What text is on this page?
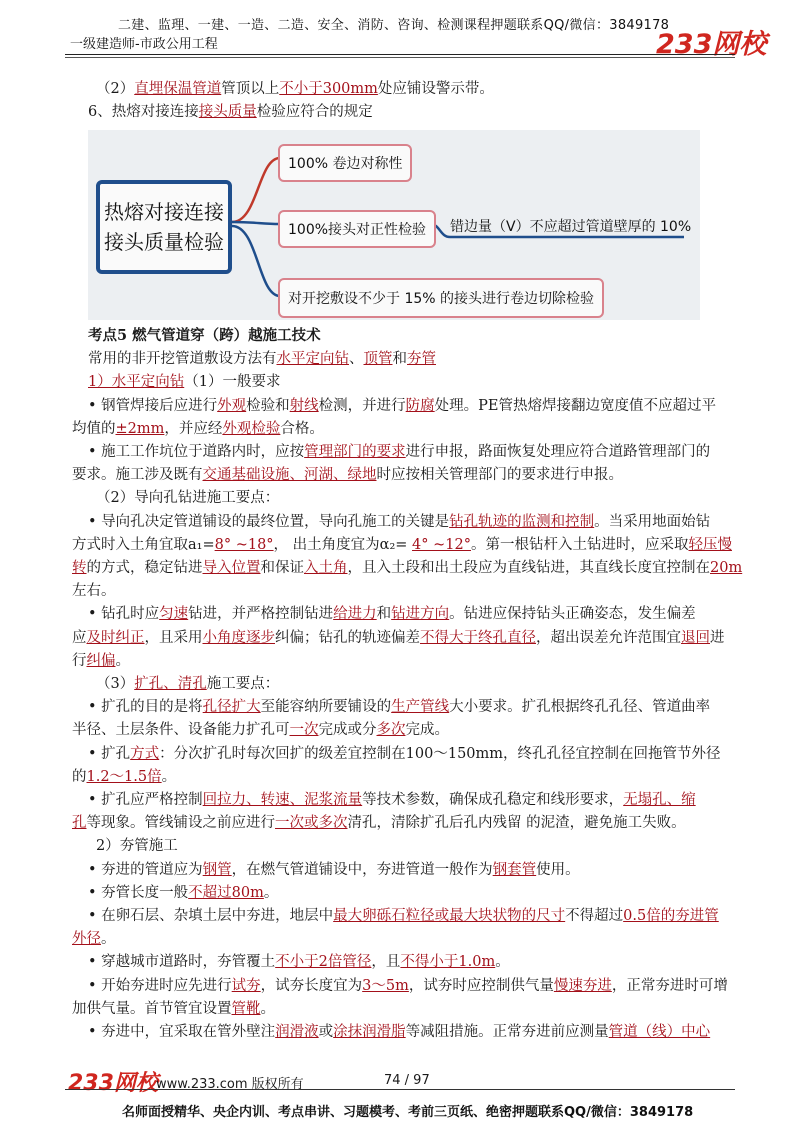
二建、监理、一建、一造、二造、安全、消防、咨询、检测课程押题联系QQ/微信：3849178
一级建造师-市政公用工程	233网校
（2）直埋保温管道管顶以上不小于300mm处应铺设警示带。
6、热熔对接连接接头质量检验应符合的规定
热熔对接连接
接头质量检验
100% 卷边对称性
100%接头对正性检验	错边量（V）不应超过管道壁厚的 10%
对开挖敷设不少于 15% 的接头进行卷边切除检验
考点5 燃气管道穿（跨）越施工技术
常用的非开挖管道敷设方法有水平定向钻、顶管和夯管
1）水平定向钻（1）一般要求
• 钢管焊接后应进行外观检验和射线检测，并进行防腐处理。PE管热熔焊接翻边宽度值不应超过平
均值的±2mm，并应经外观检验合格。
• 施工工作坑位于道路内时，应按管理部门的要求进行申报，路面恢复处理应符合道路管理部门的
要求。施工涉及既有交通基础设施、河湖、绿地时应按相关管理部门的要求进行申报。
（2）导向孔钻进施工要点：
• 导向孔决定管道铺设的最终位置，导向孔施工的关键是钻孔轨迹的监测和控制。当采用地面始钻
方式时入土角宜取a₁=8° ~18°， 出土角度宜为α₂= 4° ~12°。第一根钻杆入土钻进时，应采取轻压慢
转的方式，稳定钻进导入位置和保证入土角，且入土段和出土段应为直线钻进，其直线长度宜控制在20m
左右。
• 钻孔时应匀速钻进，并严格控制钻进给进力和钻进方向。钻进应保持钻头正确姿态，发生偏差
应及时纠正，且采用小角度逐步纠偏；钻孔的轨迹偏差不得大于终孔直径，超出误差允许范围宜退回进
行纠偏。
（3）扩孔、清孔施工要点：
• 扩孔的目的是将孔径扩大至能容纳所要铺设的生产管线大小要求。扩孔根据终孔孔径、管道曲率
半径、土层条件、设备能力扩孔可一次完成或分多次完成。
• 扩孔方式：分次扩孔时每次回扩的级差宜控制在100～150mm，终孔孔径宜控制在回拖管节外径
的1.2～1.5倍。
• 扩孔应严格控制回拉力、转速、泥浆流量等技术参数，确保成孔稳定和线形要求，无塌孔、缩
孔等现象。管线铺设之前应进行一次或多次清孔，清除扩孔后孔内残留 的泥渣，避免施工失败。
2）夯管施工
• 夯进的管道应为钢管，在燃气管道铺设中，夯进管道一般作为钢套管使用。
• 夯管长度一般不超过80m。
• 在卵石层、杂填土层中夯进，地层中最大卵砾石粒径或最大块状物的尺寸不得超过0.5倍的夯进管
外径。
• 穿越城市道路时，夯管覆土不小于2倍管径，且不得小于1.0m。
• 开始夯进时应先进行试夯，试夯长度宜为3～5m，试夯时应控制供气量慢速夯进，正常夯进时可增
加供气量。首节管宜设置管靴。
• 夯进中，宜采取在管外壁注润滑液或涂抹润滑脂等减阻措施。正常夯进前应测量管道（线）中心
233网校
www.233.com 版权所有	74 / 97
名师面授精华、央企内训、考点串讲、习题模考、考前三页纸、绝密押题联系QQ/微信：3849178
